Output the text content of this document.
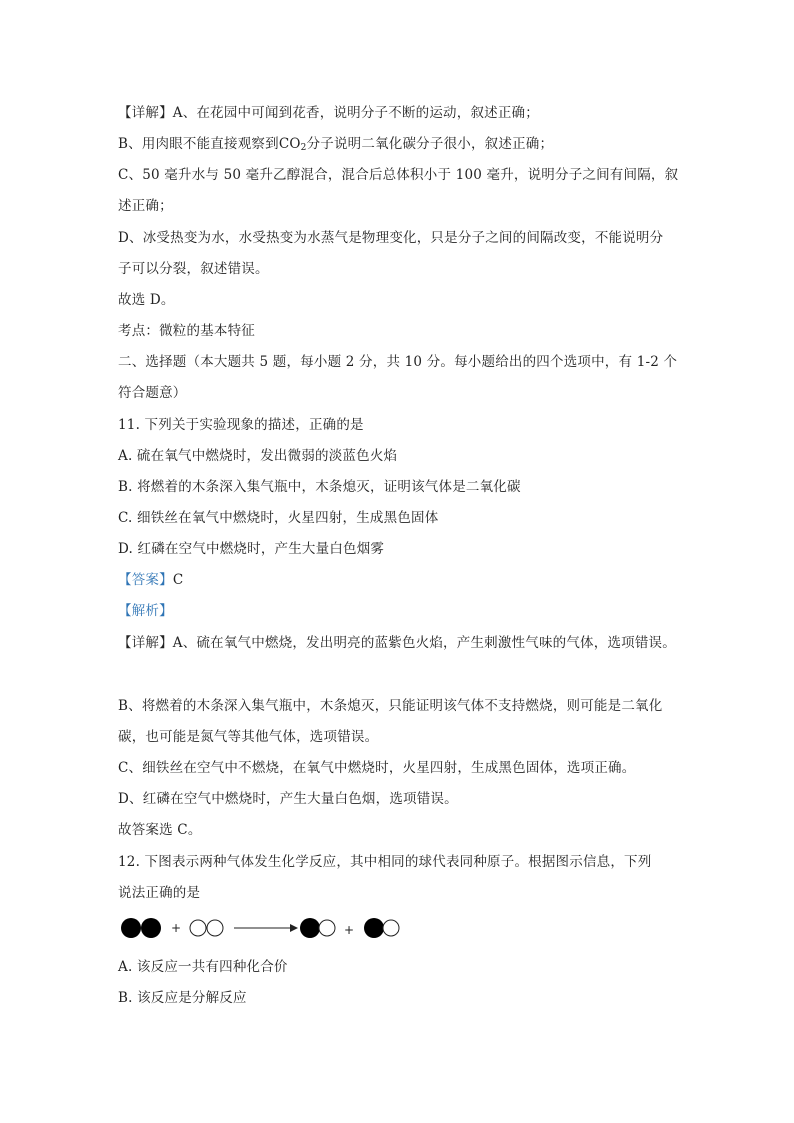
【详解】A、在花园中可闻到花香，说明分子不断的运动，叙述正确；
B、用肉眼不能直接观察到$CO_2$分子说明二氧化碳分子很小，叙述正确；
C、50 毫升水与 50 毫升乙醇混合，混合后总体积小于 100 毫升，说明分子之间有间隔，叙
述正确；
D、冰受热变为水，水受热变为水蒸气是物理变化，只是分子之间的间隔改变，不能说明分
子可以分裂，叙述错误。
故选 D。
考点：微粒的基本特征
二、选择题（本大题共 5 题，每小题 2 分，共 10 分。每小题给出的四个选项中，有 1-2 个
符合题意）
11. 下列关于实验现象的描述，正确的是
A. 硫在氧气中燃烧时，发出微弱的淡蓝色火焰
B. 将燃着的木条深入集气瓶中，木条熄灭，证明该气体是二氧化碳
C. 细铁丝在氧气中燃烧时，火星四射，生成黑色固体
D. 红磷在空气中燃烧时，产生大量白色烟雾
【答案】C
【解析】
【详解】A、硫在氧气中燃烧，发出明亮的蓝紫色火焰，产生刺激性气味的气体，选项错误。
B、将燃着的木条深入集气瓶中，木条熄灭，只能证明该气体不支持燃烧，则可能是二氧化
碳，也可能是氮气等其他气体，选项错误。
C、细铁丝在空气中不燃烧，在氧气中燃烧时，火星四射，生成黑色固体，选项正确。
D、红磷在空气中燃烧时，产生大量白色烟，选项错误。
故答案选 C。
12. 下图表示两种气体发生化学反应，其中相同的球代表同种原子。根据图示信息，下列
说法正确的是
+	+
A. 该反应一共有四种化合价
B. 该反应是分解反应
